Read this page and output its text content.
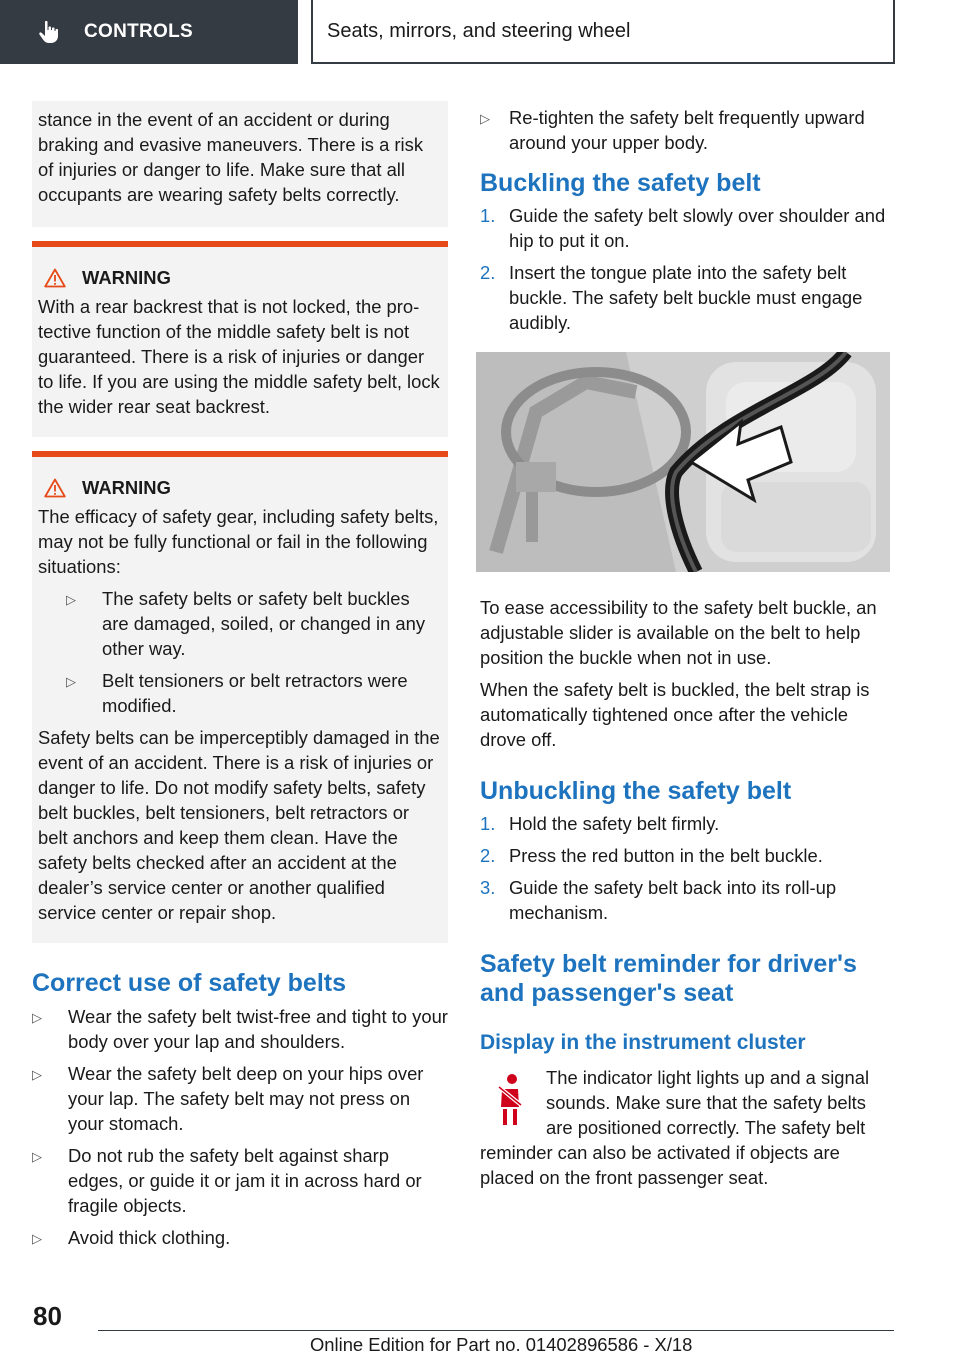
CONTROLS	Seats, mirrors, and steering wheel

stance in the event of an accident or during braking and evasive maneuvers. There is a risk of injuries or danger to life. Make sure that all occupants are wearing safety belts correctly.

WARNING

With a rear backrest that is not locked, the protective function of the middle safety belt is not guaranteed. There is a risk of injuries or danger to life. If you are using the middle safety belt, lock the wider rear seat backrest.

WARNING

The efficacy of safety gear, including safety belts, may not be fully functional or fail in the following situations:

▷	The safety belts or safety belt buckles are damaged, soiled, or changed in any other way.
▷	Belt tensioners or belt retractors were modified.

Safety belts can be imperceptibly damaged in the event of an accident. There is a risk of injuries or danger to life. Do not modify safety belts, safety belt buckles, belt tensioners, belt retractors or belt anchors and keep them clean. Have the safety belts checked after an accident at the dealer’s service center or another qualified service center or repair shop.

Correct use of safety belts
▷	Wear the safety belt twist-free and tight to your body over your lap and shoulders.
▷	Wear the safety belt deep on your hips over your lap. The safety belt may not press on your stomach.
▷	Do not rub the safety belt against sharp edges, or guide it or jam it in across hard or fragile objects.
▷	Avoid thick clothing.
▷	Re-tighten the safety belt frequently upward around your upper body.
Buckling the safety belt
1. Guide the safety belt slowly over shoulder and hip to put it on.
2. Insert the tongue plate into the safety belt buckle. The safety belt buckle must engage audibly.

To ease accessibility to the safety belt buckle, an adjustable slider is available on the belt to help position the buckle when not in use.

When the safety belt is buckled, the belt strap is automatically tightened once after the vehicle drove off.

Unbuckling the safety belt
1. Hold the safety belt firmly.
2. Press the red button in the belt buckle.
3. Guide the safety belt back into its roll-up mechanism.
Safety belt reminder for driver's and passenger's seat
Display in the instrument cluster

The indicator light lights up and a signal sounds. Make sure that the safety belts are positioned correctly. The safety belt reminder can also be activated if objects are placed on the front passenger seat.

80
Online Edition for Part no. 01402896586 - X/18
